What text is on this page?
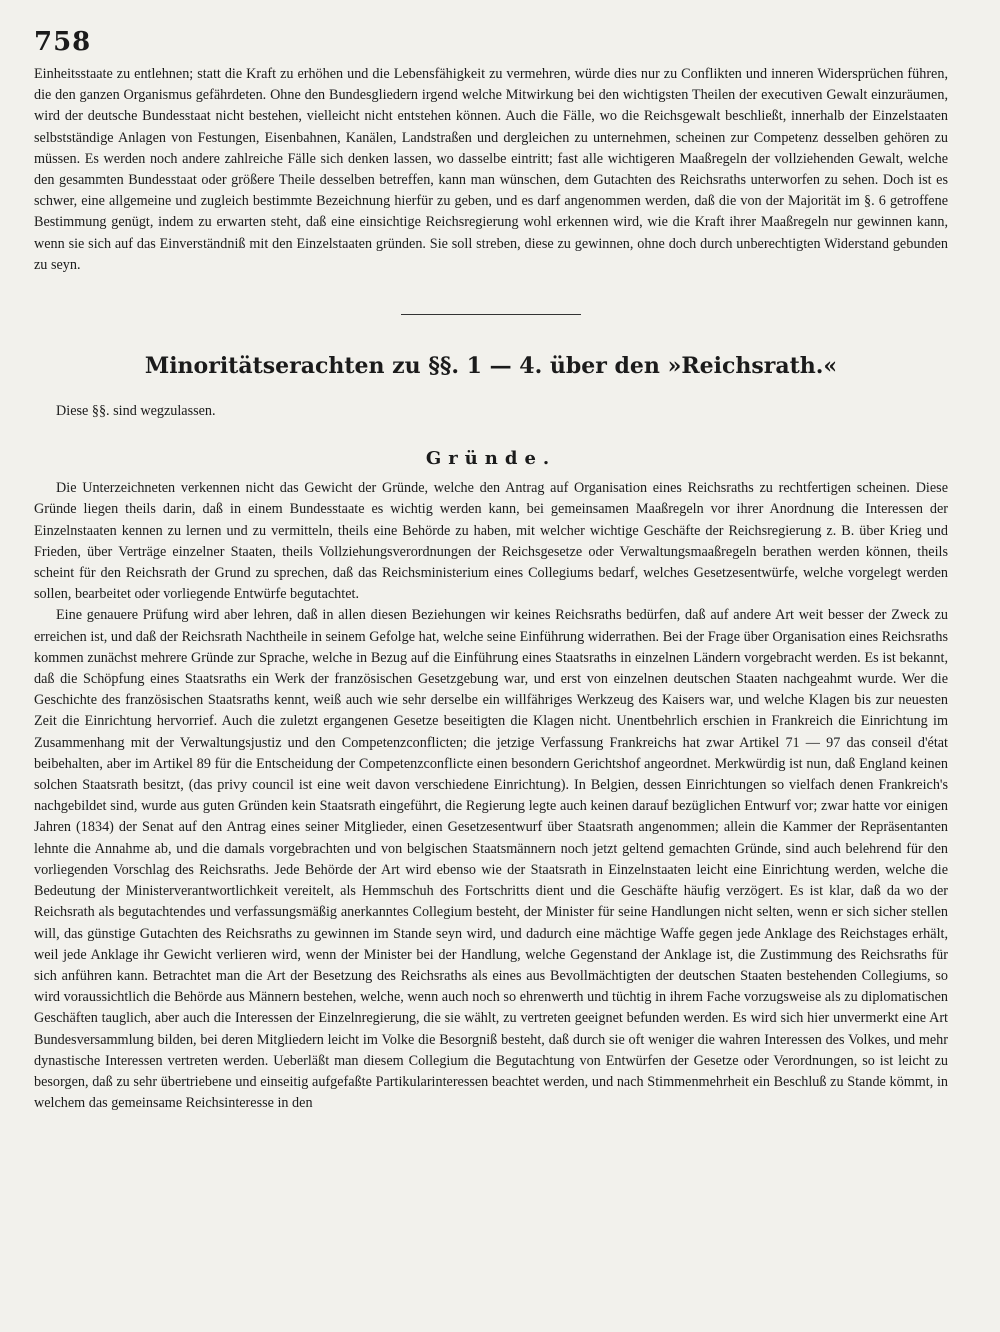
758

Einheitsstaate zu entlehnen; statt die Kraft zu erhöhen und die Lebensfähigkeit zu vermehren, würde dies nur zu Conflikten und inneren Widersprüchen führen, die den ganzen Organismus gefährdeten. Ohne den Bundesgliedern irgend welche Mitwirkung bei den wichtigsten Theilen der executiven Gewalt einzuräumen, wird der deutsche Bundesstaat nicht bestehen, vielleicht nicht entstehen können. Auch die Fälle, wo die Reichsgewalt beschließt, innerhalb der Einzelstaaten selbstständige Anlagen von Festungen, Eisenbahnen, Kanälen, Landstraßen und dergleichen zu unternehmen, scheinen zur Competenz desselben gehören zu müssen. Es werden noch andere zahlreiche Fälle sich denken lassen, wo dasselbe eintritt; fast alle wichtigeren Maaßregeln der vollziehenden Gewalt, welche den gesammten Bundesstaat oder größere Theile desselben betreffen, kann man wünschen, dem Gutachten des Reichsraths unterworfen zu sehen. Doch ist es schwer, eine allgemeine und zugleich bestimmte Bezeichnung hierfür zu geben, und es darf angenommen werden, daß die von der Majorität im §. 6 getroffene Bestimmung genügt, indem zu erwarten steht, daß eine einsichtige Reichsregierung wohl erkennen wird, wie die Kraft ihrer Maaßregeln nur gewinnen kann, wenn sie sich auf das Einverständniß mit den Einzelstaaten gründen. Sie soll streben, diese zu gewinnen, ohne doch durch unberechtigten Widerstand gebunden zu seyn.

Minoritätserachten zu §§. 1 — 4. über den »Reichsrath.«
Diese §§. sind wegzulassen.
Gründe.

Die Unterzeichneten verkennen nicht das Gewicht der Gründe, welche den Antrag auf Organisation eines Reichsraths zu rechtfertigen scheinen. Diese Gründe liegen theils darin, daß in einem Bundesstaate es wichtig werden kann, bei gemeinsamen Maaßregeln vor ihrer Anordnung die Interessen der Einzelnstaaten kennen zu lernen und zu vermitteln, theils eine Behörde zu haben, mit welcher wichtige Geschäfte der Reichsregierung z. B. über Krieg und Frieden, über Verträge einzelner Staaten, theils Vollziehungsverordnungen der Reichsgesetze oder Verwaltungsmaaßregeln berathen werden können, theils scheint für den Reichsrath der Grund zu sprechen, daß das Reichsministerium eines Collegiums bedarf, welches Gesetzesentwürfe, welche vorgelegt werden sollen, bearbeitet oder vorliegende Entwürfe begutachtet.

Eine genauere Prüfung wird aber lehren, daß in allen diesen Beziehungen wir keines Reichsraths bedürfen, daß auf andere Art weit besser der Zweck zu erreichen ist, und daß der Reichsrath Nachtheile in seinem Gefolge hat, welche seine Einführung widerrathen. Bei der Frage über Organisation eines Reichsraths kommen zunächst mehrere Gründe zur Sprache, welche in Bezug auf die Einführung eines Staatsraths in einzelnen Ländern vorgebracht werden. Es ist bekannt, daß die Schöpfung eines Staatsraths ein Werk der französischen Gesetzgebung war, und erst von einzelnen deutschen Staaten nachgeahmt wurde. Wer die Geschichte des französischen Staatsraths kennt, weiß auch wie sehr derselbe ein willfähriges Werkzeug des Kaisers war, und welche Klagen bis zur neuesten Zeit die Einrichtung hervorrief. Auch die zuletzt ergangenen Gesetze beseitigten die Klagen nicht. Unentbehrlich erschien in Frankreich die Einrichtung im Zusammenhang mit der Verwaltungsjustiz und den Competenzconflicten; die jetzige Verfassung Frankreichs hat zwar Artikel 71 — 97 das conseil d'état beibehalten, aber im Artikel 89 für die Entscheidung der Competenzconflicte einen besondern Gerichtshof angeordnet. Merkwürdig ist nun, daß England keinen solchen Staatsrath besitzt, (das privy council ist eine weit davon verschiedene Einrichtung). In Belgien, dessen Einrichtungen so vielfach denen Frankreich's nachgebildet sind, wurde aus guten Gründen kein Staatsrath eingeführt, die Regierung legte auch keinen darauf bezüglichen Entwurf vor; zwar hatte vor einigen Jahren (1834) der Senat auf den Antrag eines seiner Mitglieder, einen Gesetzesentwurf über Staatsrath angenommen; allein die Kammer der Repräsentanten lehnte die Annahme ab, und die damals vorgebrachten und von belgischen Staatsmännern noch jetzt geltend gemachten Gründe, sind auch belehrend für den vorliegenden Vorschlag des Reichsraths. Jede Behörde der Art wird ebenso wie der Staatsrath in Einzelnstaaten leicht eine Einrichtung werden, welche die Bedeutung der Ministerverantwortlichkeit vereitelt, als Hemmschuh des Fortschritts dient und die Geschäfte häufig verzögert. Es ist klar, daß da wo der Reichsrath als begutachtendes und verfassungsmäßig anerkanntes Collegium besteht, der Minister für seine Handlungen nicht selten, wenn er sich sicher stellen will, das günstige Gutachten des Reichsraths zu gewinnen im Stande seyn wird, und dadurch eine mächtige Waffe gegen jede Anklage des Reichstages erhält, weil jede Anklage ihr Gewicht verlieren wird, wenn der Minister bei der Handlung, welche Gegenstand der Anklage ist, die Zustimmung des Reichsraths für sich anführen kann. Betrachtet man die Art der Besetzung des Reichsraths als eines aus Bevollmächtigten der deutschen Staaten bestehenden Collegiums, so wird voraussichtlich die Behörde aus Männern bestehen, welche, wenn auch noch so ehrenwerth und tüchtig in ihrem Fache vorzugsweise als zu diplomatischen Geschäften tauglich, aber auch die Interessen der Einzelnregierung, die sie wählt, zu vertreten geeignet befunden werden. Es wird sich hier unvermerkt eine Art Bundesversammlung bilden, bei deren Mitgliedern leicht im Volke die Besorgniß besteht, daß durch sie oft weniger die wahren Interessen des Volkes, und mehr dynastische Interessen vertreten werden. Ueberläßt man diesem Collegium die Begutachtung von Entwürfen der Gesetze oder Verordnungen, so ist leicht zu besorgen, daß zu sehr übertriebene und einseitig aufgefaßte Partikularinteressen beachtet werden, und nach Stimmenmehrheit ein Beschluß zu Stande kömmt, in welchem das gemeinsame Reichsinteresse in den
